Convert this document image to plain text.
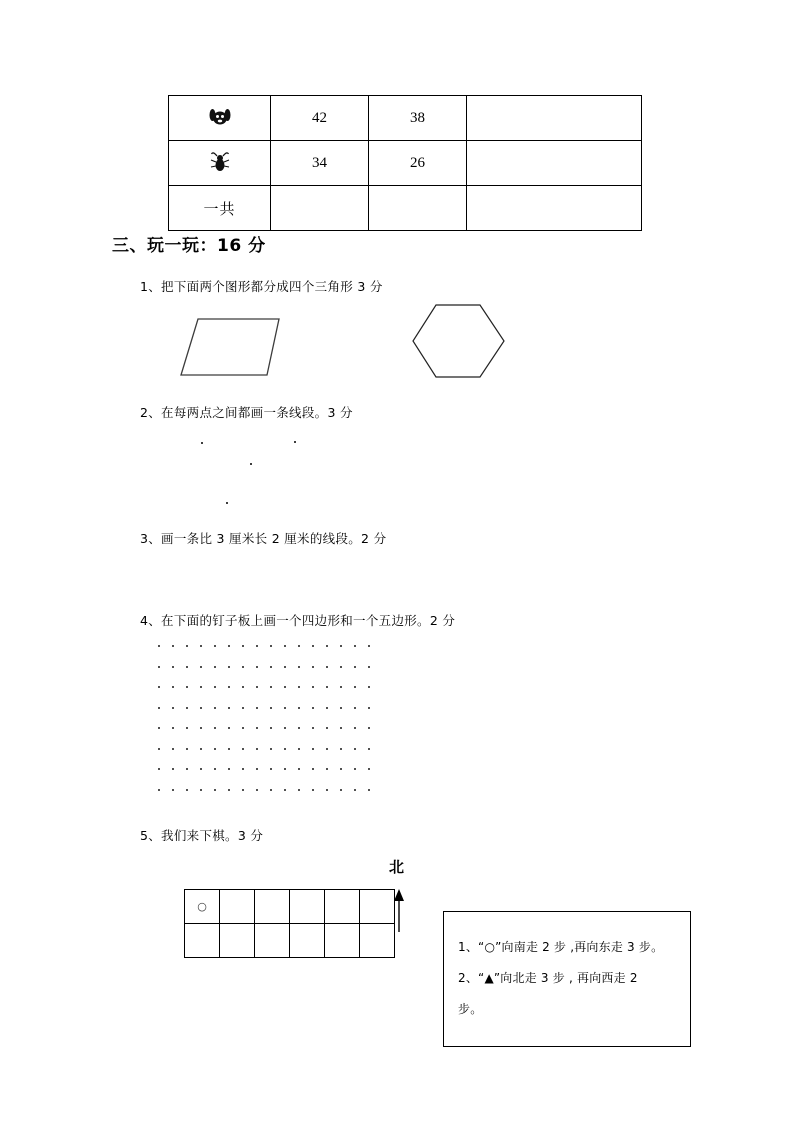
	42	38	
	34	26	
一共			
三、玩一玩：16 分
1、把下面两个图形都分成四个三角形 3 分
2、在每两点之间都画一条线段。3 分
3、画一条比 3 厘米长 2 厘米的线段。2 分
4、在下面的钉子板上画一个四边形和一个五边形。2 分
5、我们来下棋。3 分
○					

北
1、“○”向南走 2 步 ,再向东走 3 步。
2、“▲”向北走 3 步 , 再向西走 2
步。
